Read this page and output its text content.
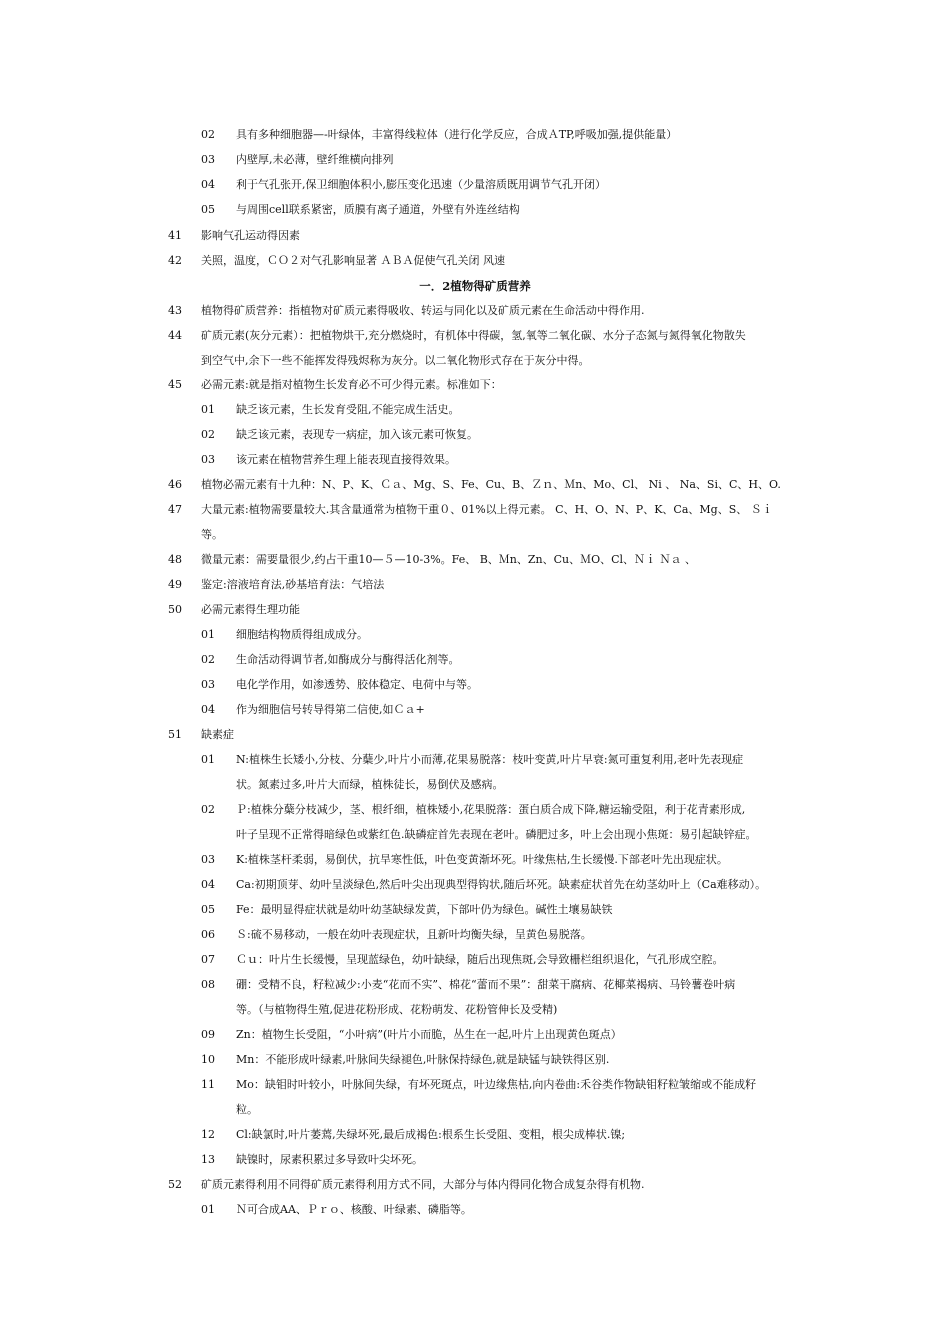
一．2植物得矿质营养
02 具有多种细胞器—-叶绿体，丰富得线粒体（进行化学反应，合成ＡTP,呼吸加强,提供能量）
03 内壁厚,未必薄，壁纤维横向排列
04 利于气孔张开,保卫细胞体积小,膨压变化迅速（少量溶质既用调节气孔开闭）
05 与周围cell联系紧密，质膜有离子通道，外壁有外连丝结构
41 影响气孔运动得因素
42 关照，温度，ＣＯ２对气孔影响显著 ＡＢＡ促使气孔关闭 风速
43 植物得矿质营养：指植物对矿质元素得吸收、转运与同化以及矿质元素在生命活动中得作用.
44 矿质元素(灰分元素）：把植物烘干,充分燃烧时，有机体中得碳，氢,氧等二氧化碳、水分子态氮与氮得氧化物散失
到空气中,余下一些不能挥发得残烬称为灰分。以二氧化物形式存在于灰分中得。
45 必需元素:就是指对植物生长发育必不可少得元素。标准如下：
01 缺乏该元素，生长发育受阻,不能完成生活史。
02 缺乏该元素，表现专一病症，加入该元素可恢复。
03 该元素在植物营养生理上能表现直接得效果。
46 植物必需元素有十九种：N、P、K、Ｃａ、Mg、S、Fe、Cu、B、Ｚｎ、Ｍn、Mo、Cl、 Ni 、 Na、Si、C、H、O.
47 大量元素:植物需要量较大.其含量通常为植物干重０、01%以上得元素。 C、H、O、N、P、K、Ca、Mg、S、 Ｓｉ
等。
48 微量元素：需要量很少,约占干重10—５—10-3%。Fe、 B、Ｍn、Zn、Cu、ＭO、Cl、Ｎｉ Ｎａ 、
49 鉴定:溶液培育法,砂基培育法：气培法
50 必需元素得生理功能
01 细胞结构物质得组成成分。
02 生命活动得调节者,如酶成分与酶得活化剂等。
03 电化学作用，如渗透势、胶体稳定、电荷中与等。
04 作为细胞信号转导得第二信使,如Ｃａ+
51 缺素症
01 N:植株生长矮小,分枝、分蘖少,叶片小而薄,花果易脱落：枝叶变黄,叶片早衰:氮可重复利用,老叶先表现症
状。氮素过多,叶片大而绿，植株徒长，易倒伏及感病。
02 Ｐ:植株分蘖分枝减少，茎、根纤细，植株矮小,花果脱落：蛋白质合成下降,糖运输受阻，利于花青素形成,
叶子呈现不正常得暗绿色或紫红色.缺磷症首先表现在老叶。磷肥过多，叶上会出现小焦斑：易引起缺锌症。
03 K:植株茎杆柔弱，易倒伏，抗旱寒性低，叶色变黄渐坏死。叶缘焦枯,生长缓慢.下部老叶先出现症状。
04 Ca:初期顶芽、幼叶呈淡绿色,然后叶尖出现典型得钩状,随后坏死。缺素症状首先在幼茎幼叶上（Ca难移动）。
05 Fe：最明显得症状就是幼叶幼茎缺绿发黄，下部叶仍为绿色。碱性土壤易缺铁
06 Ｓ:硫不易移动，一般在幼叶表现症状，且新叶均衡失绿，呈黄色易脱落。
07 Ｃｕ：叶片生长缓慢，呈现蓝绿色，幼叶缺绿，随后出现焦斑,会导致栅栏组织退化，气孔形成空腔。
08 硼：受精不良，籽粒减少:小麦“花而不实”、棉花“蕾而不果”：甜菜干腐病、花椰菜褐病、马铃薯卷叶病
等。（与植物得生殖,促进花粉形成、花粉萌发、花粉管伸长及受精)
09 Zn：植物生长受阻，“小叶病”(叶片小而脆，丛生在一起,叶片上出现黄色斑点）
10 Mn：不能形成叶绿素,叶脉间失绿褪色,叶脉保持绿色,就是缺锰与缺铁得区别.
11 Mo：缺钼时叶较小，叶脉间失绿，有坏死斑点，叶边缘焦枯,向内卷曲:禾谷类作物缺钼籽粒皱缩或不能成籽
粒。
12 Cl:缺氯时,叶片萎蔫,失绿坏死,最后成褐色:根系生长受阻、变粗，根尖成棒状.镍;
13 缺镍时，尿素积累过多导致叶尖坏死。
52 矿质元素得利用不同得矿质元素得利用方式不同，大部分与体内得同化物合成复杂得有机物.
01 Ｎ可合成AA、Ｐｒｏ、核酸、叶绿素、磷脂等。
